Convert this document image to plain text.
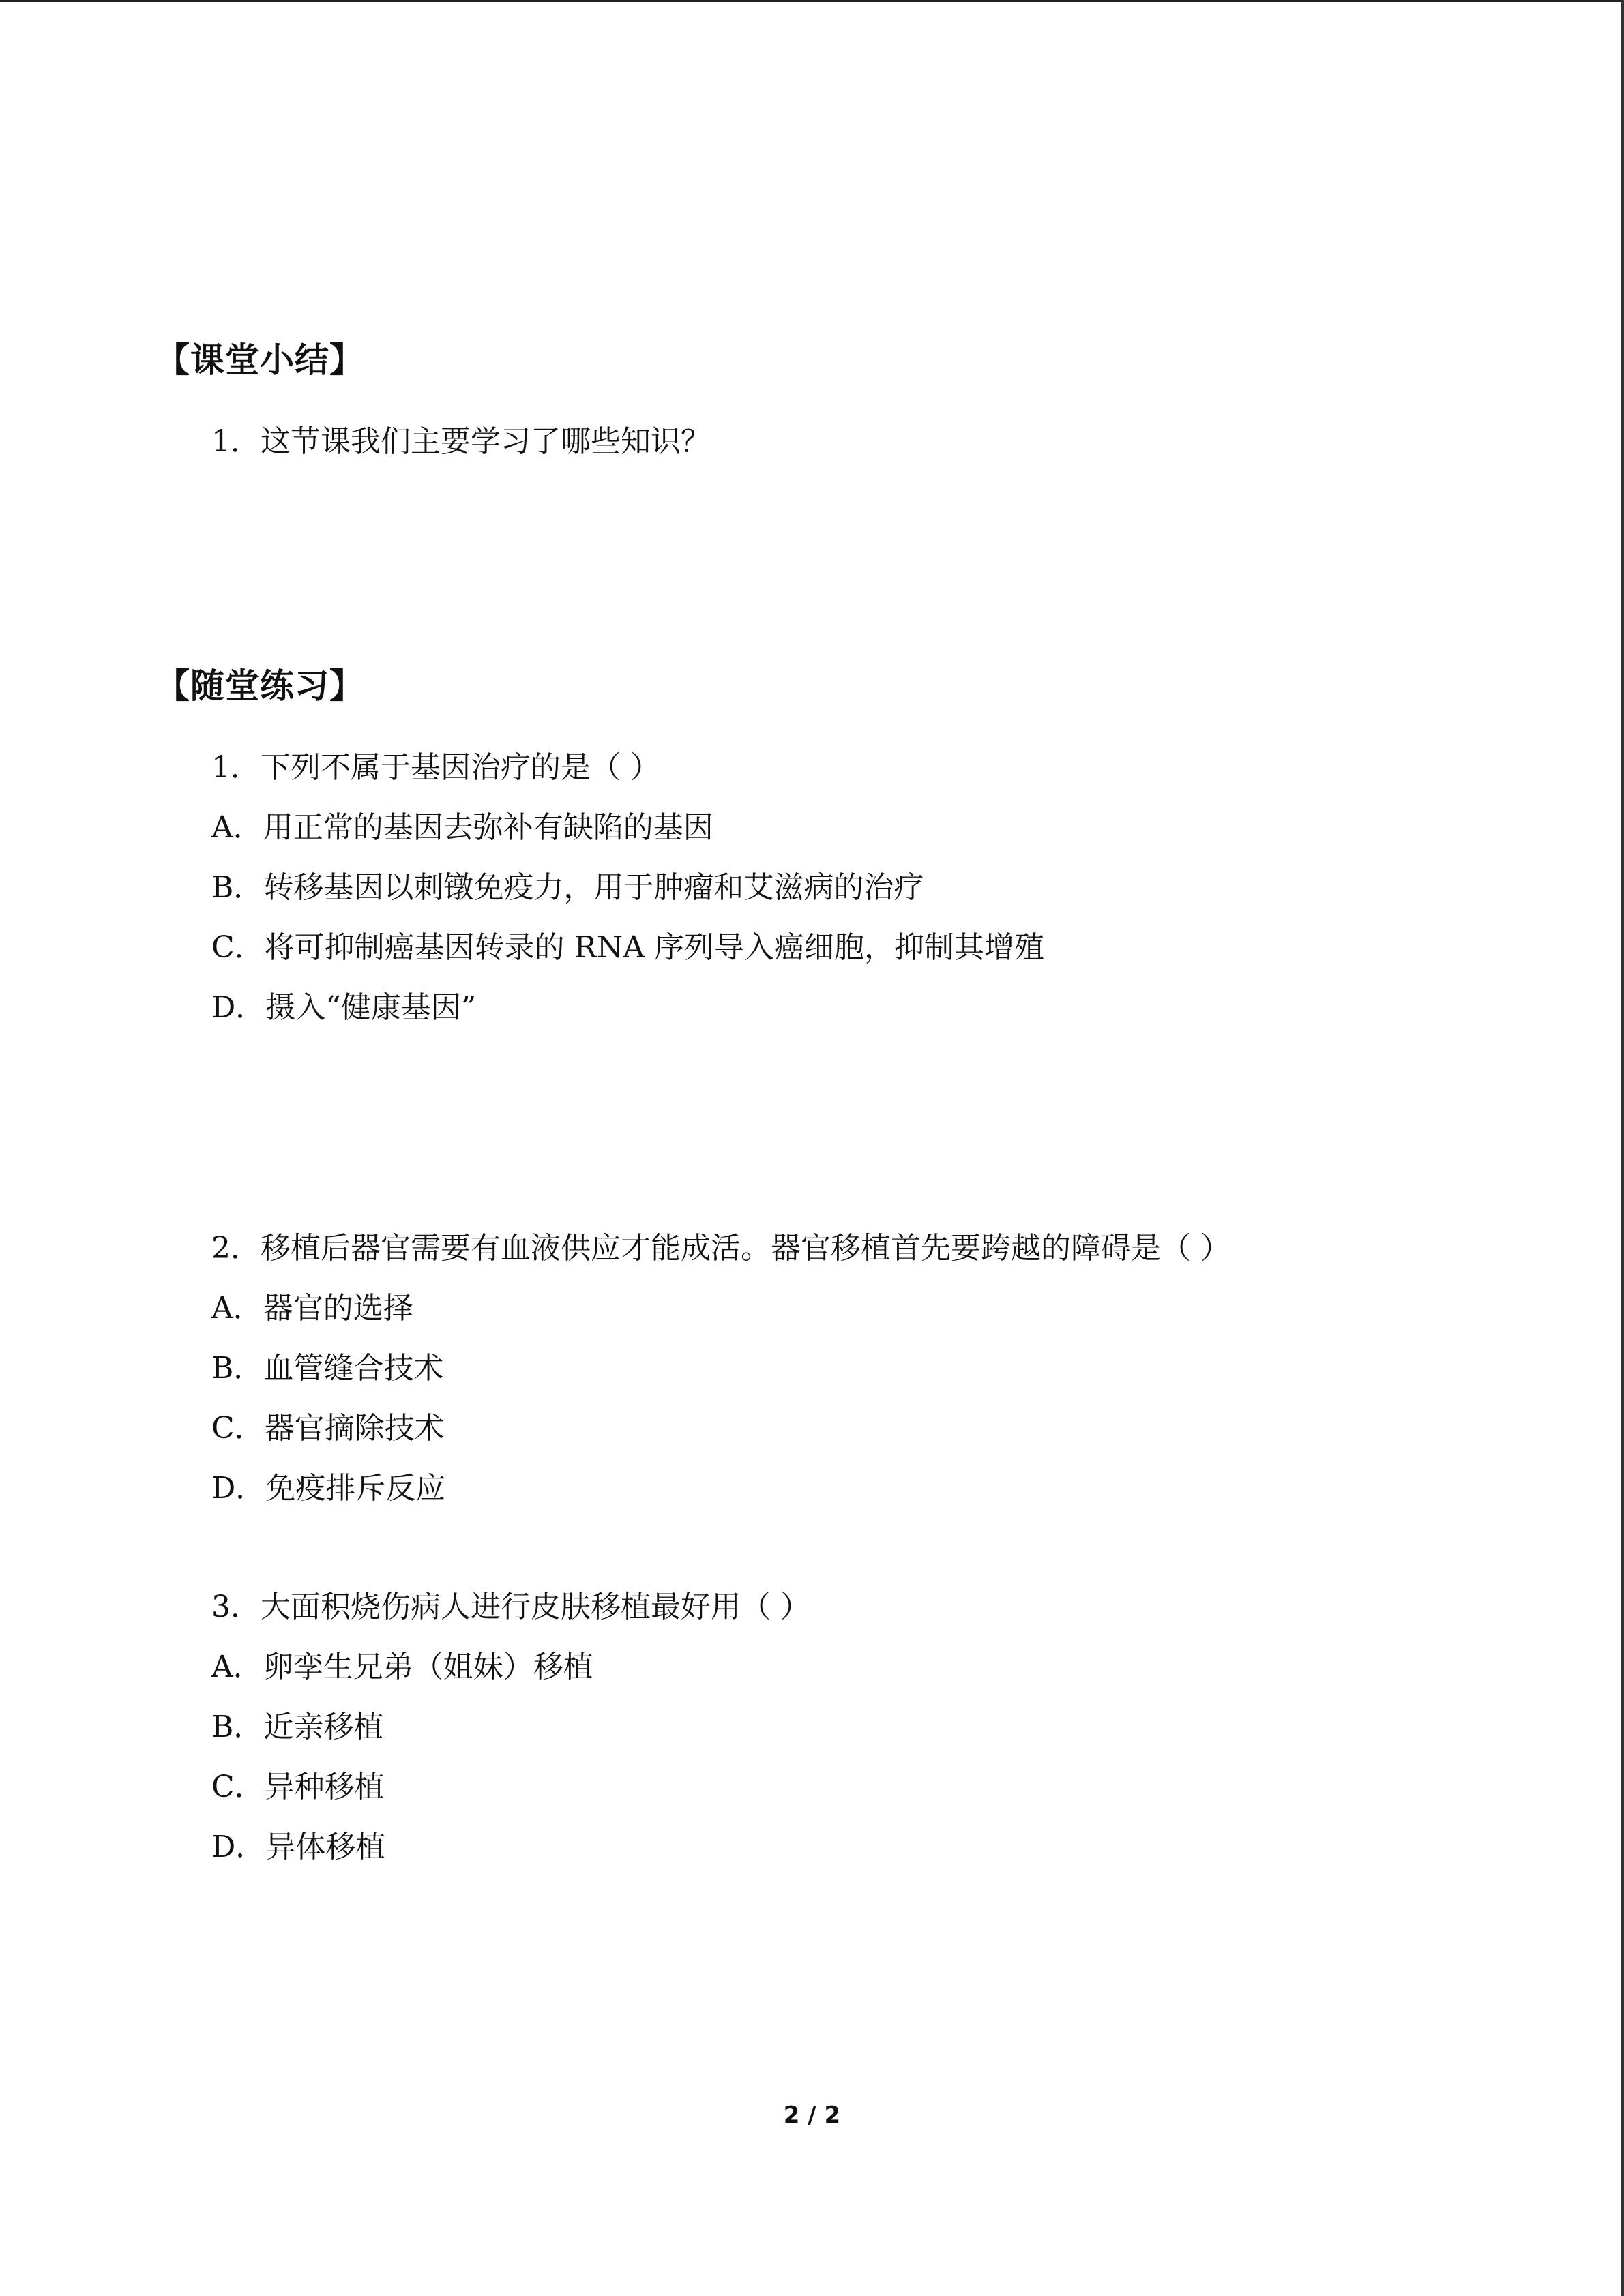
【课堂小结】
1．这节课我们主要学习了哪些知识？
【随堂练习】
1．下列不属于基因治疗的是（ ）
A．用正常的基因去弥补有缺陷的基因
B．转移基因以刺镦免疫力，用于肿瘤和艾滋病的治疗
C．将可抑制癌基因转录的 RNA 序列导入癌细胞，抑制其增殖
D．摄入“健康基因”
2．移植后器官需要有血液供应才能成活。器官移植首先要跨越的障碍是（ ）
A．器官的选择
B．血管缝合技术
C．器官摘除技术
D．免疫排斥反应
3．大面积烧伤病人进行皮肤移植最好用（ ）
A．卵孪生兄弟（姐妹）移植
B．近亲移植
C．异种移植
D．异体移植
2 / 2
